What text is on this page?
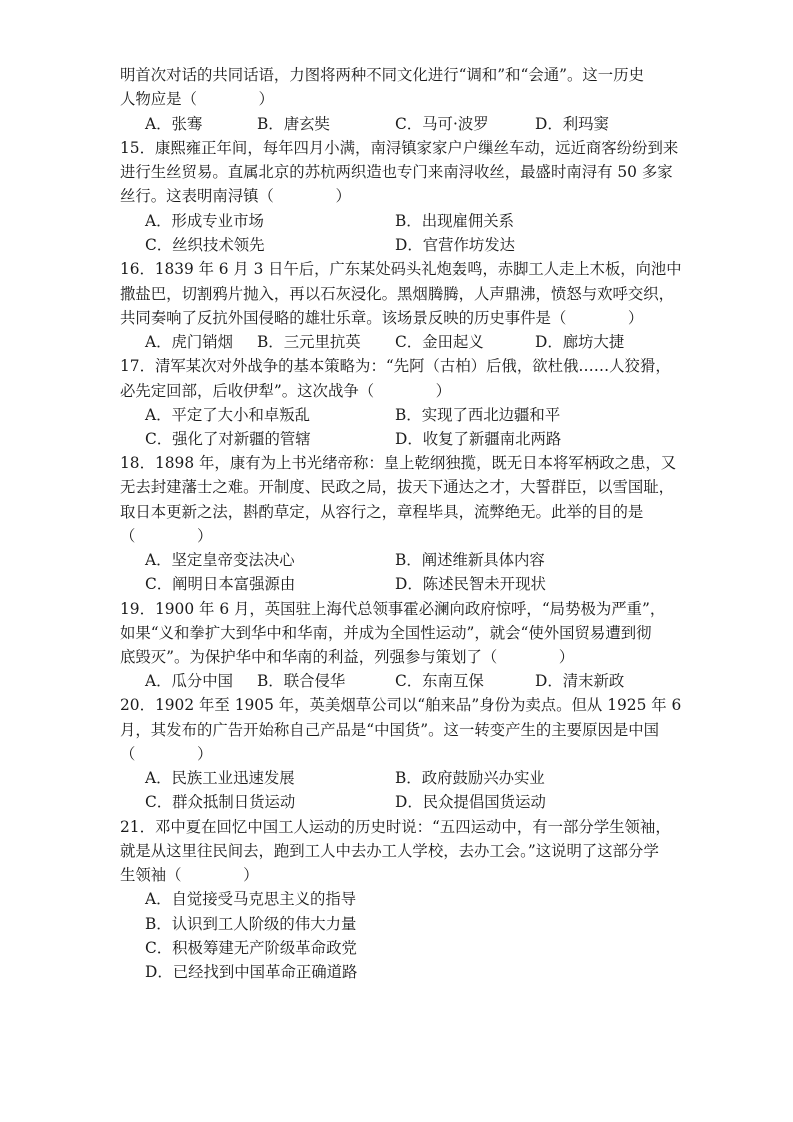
明首次对话的共同话语，力图将两种不同文化进行“调和”和“会通”。这一历史
人物应是（　　　　）
A．张骞	B．唐玄奘	C．马可·波罗	D．利玛窦
15．康熙雍正年间，每年四月小满，南浔镇家家户户缫丝车动，远近商客纷纷到来
进行生丝贸易。直属北京的苏杭两织造也专门来南浔收丝，最盛时南浔有 50 多家
丝行。这表明南浔镇（　　　　）
A．形成专业市场	B．出现雇佣关系
C．丝织技术领先	D．官营作坊发达
16．1839 年 6 月 3 日午后，广东某处码头礼炮轰鸣，赤脚工人走上木板，向池中
撒盐巴，切割鸦片抛入，再以石灰浸化。黑烟腾腾，人声鼎沸，愤怒与欢呼交织，
共同奏响了反抗外国侵略的雄壮乐章。该场景反映的历史事件是（　　　　）
A．虎门销烟 B．三元里抗英 C．金田起义	D．廊坊大捷
17．清军某次对外战争的基本策略为：“先阿（古柏）后俄，欲杜俄……人狡猾，
必先定回部，后收伊犁”。这次战争（　　　　）
A．平定了大小和卓叛乱	B．实现了西北边疆和平
C．强化了对新疆的管辖	D．收复了新疆南北两路
18．1898 年，康有为上书光绪帝称：皇上乾纲独揽，既无日本将军柄政之患，又
无去封建藩士之难。开制度、民政之局，拔天下通达之才，大誓群臣，以雪国耻，
取日本更新之法，斟酌草定，从容行之，章程毕具，流弊绝无。此举的目的是
（　　　　）
A．坚定皇帝变法决心	B．阐述维新具体内容
C．阐明日本富强源由	D．陈述民智未开现状
19．1900 年 6 月，英国驻上海代总领事霍必澜向政府惊呼，“局势极为严重”，
如果“义和拳扩大到华中和华南，并成为全国性运动”，就会“使外国贸易遭到彻
底毁灭”。为保护华中和华南的利益，列强参与策划了（　　　　）
A．瓜分中国 B．联合侵华	C．东南互保	D．清末新政
20．1902 年至 1905 年，英美烟草公司以“舶来品”身份为卖点。但从 1925 年 6
月，其发布的广告开始称自己产品是“中国货”。这一转变产生的主要原因是中国
（　　　　）
A．民族工业迅速发展	B．政府鼓励兴办实业
C．群众抵制日货运动	D．民众提倡国货运动
21．邓中夏在回忆中国工人运动的历史时说：“五四运动中，有一部分学生领袖，
就是从这里往民间去，跑到工人中去办工人学校，去办工会。”这说明了这部分学
生领袖（　　　　）
A．自觉接受马克思主义的指导
B．认识到工人阶级的伟大力量
C．积极筹建无产阶级革命政党
D．已经找到中国革命正确道路
